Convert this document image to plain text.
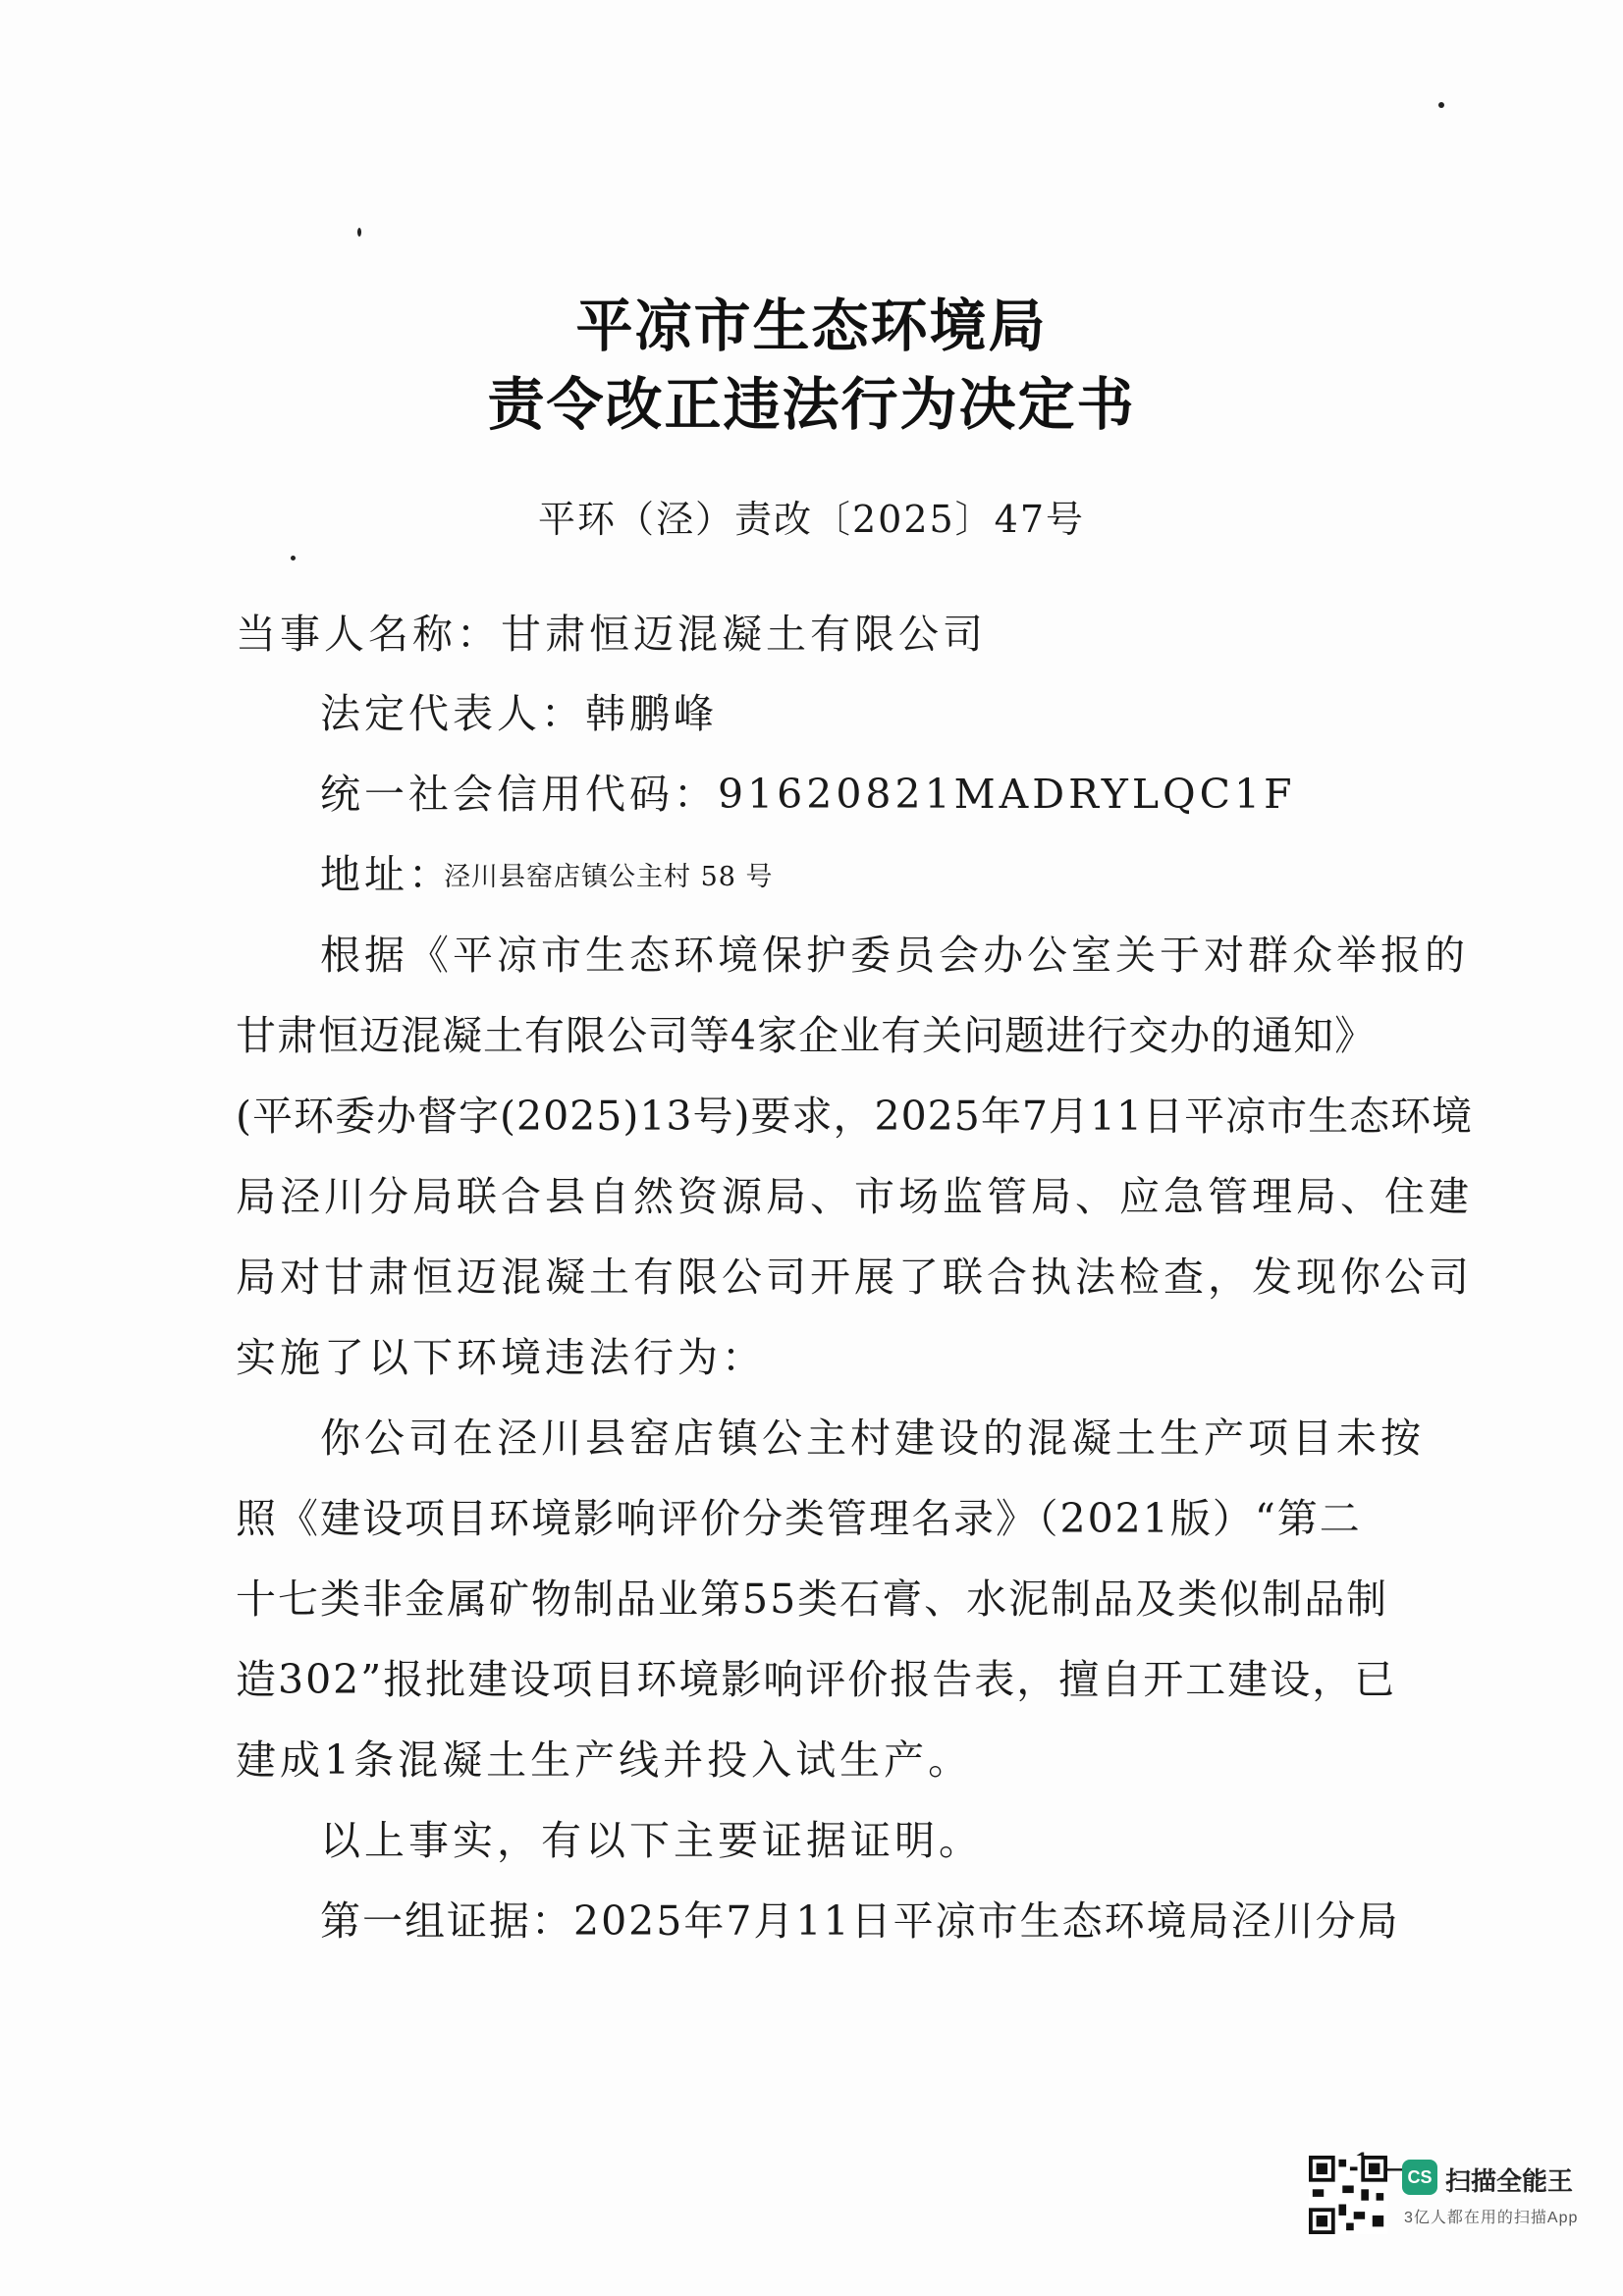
平凉市生态环境局
责令改正违法行为决定书
平环（泾）责改〔2025〕47号
当事人名称：甘肃恒迈混凝土有限公司
法定代表人：韩鹏峰
统一社会信用代码：91620821MADRYLQC1F
地址：
泾川县窑店镇公主村 58 号
根据《平凉市生态环境保护委员会办公室关于对群众举报的
甘肃恒迈混凝土有限公司等4家企业有关问题进行交办的通知》
(平环委办督字(2025)13号)要求，2025年7月11日平凉市生态环境
局泾川分局联合县自然资源局、市场监管局、应急管理局、住建
局对甘肃恒迈混凝土有限公司开展了联合执法检查，发现你公司
实施了以下环境违法行为：
你公司在泾川县窑店镇公主村建设的混凝土生产项目未按
照《建设项目环境影响评价分类管理名录》（2021版）“第二
十七类非金属矿物制品业第55类石膏、水泥制品及类似制品制
造302”报批建设项目环境影响评价报告表，擅自开工建设，已
建成1条混凝土生产线并投入试生产。
以上事实，有以下主要证据证明。
第一组证据：2025年7月11日平凉市生态环境局泾川分局
CS 扫描全能王
3亿人都在用的扫描App
